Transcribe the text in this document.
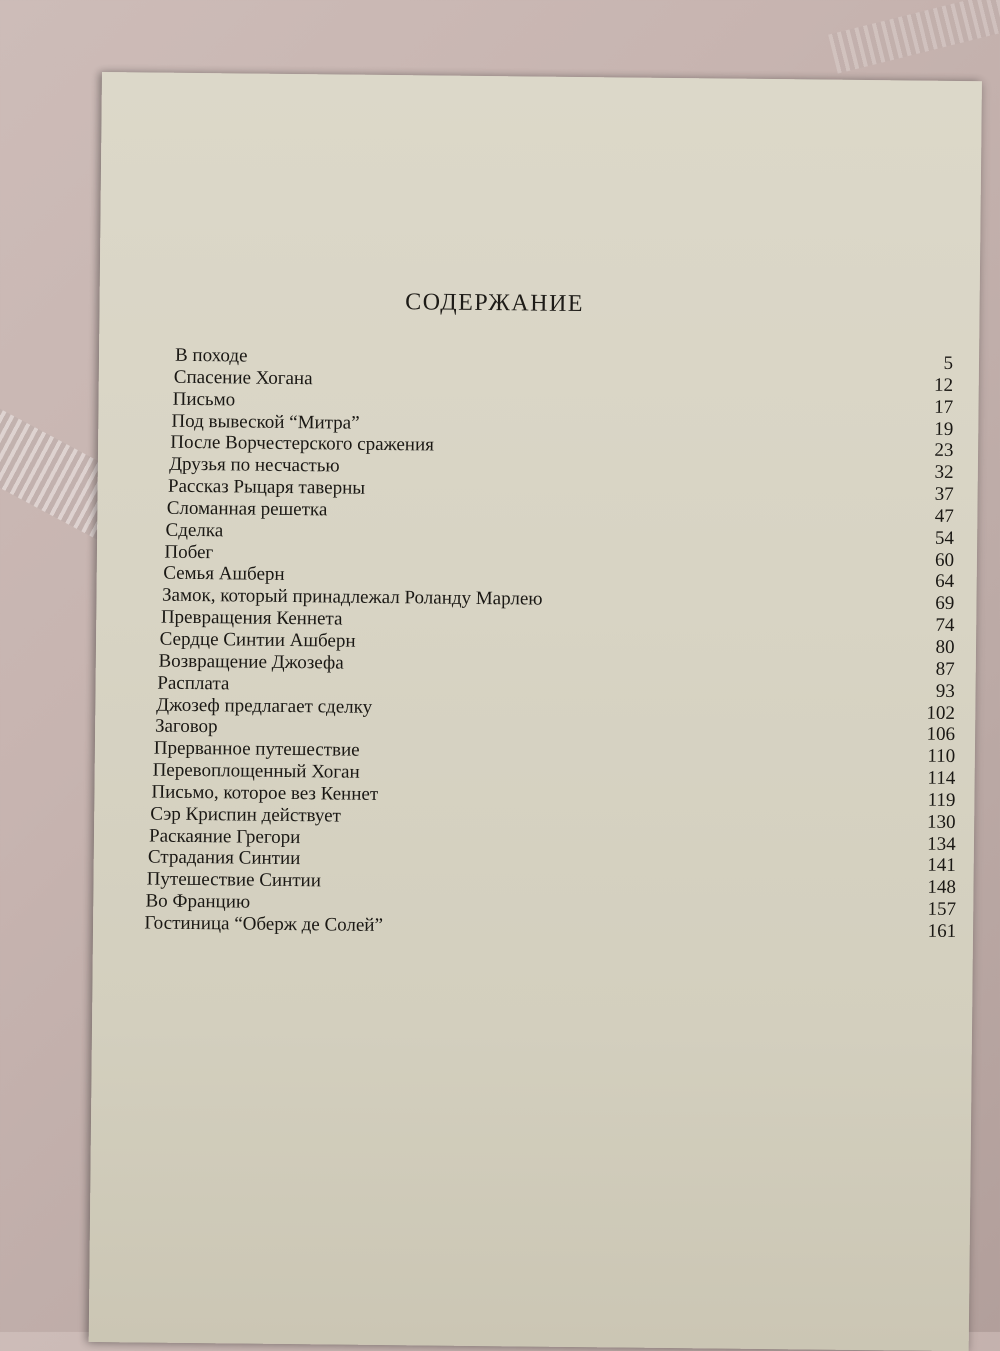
СОДЕРЖАНИЕ
В походе	5
Спасение Хогана	12
Письмо	17
Под вывеской “Митра”	19
После Ворчестерского сражения	23
Друзья по несчастью	32
Рассказ Рыцаря таверны	37
Сломанная решетка	47
Сделка	54
Побег	60
Семья Ашберн	64
Замок, который принадлежал Роланду Марлею	69
Превращения Кеннета	74
Сердце Синтии Ашберн	80
Возвращение Джозефа	87
Расплата	93
Джозеф предлагает сделку	102
Заговор	106
Прерванное путешествие	110
Перевоплощенный Хоган	114
Письмо, которое вез Кеннет	119
Сэр Криспин действует	130
Раскаяние Грегори	134
Страдания Синтии	141
Путешествие Синтии	148
Во Францию	157
Гостиница “Оберж де Солей”	161
